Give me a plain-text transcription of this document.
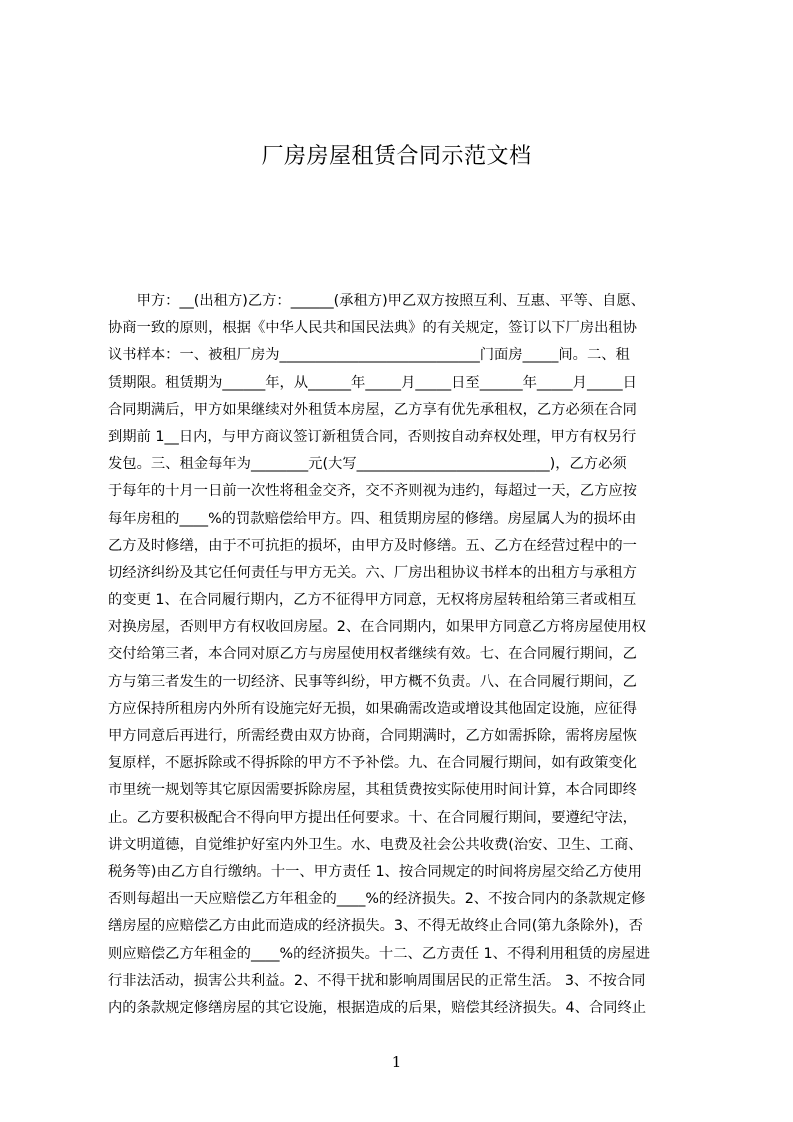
厂房房屋租赁合同示范文档
　　甲方：__(出租方)乙方：______(承租方)甲乙双方按照互利、互惠、平等、自愿、
协商一致的原则，根据《中华人民共和国民法典》的有关规定，签订以下厂房出租协
议书样本：一、被租厂房为____________________________门面房_____间。二、租
赁期限。租赁期为______年，从______年_____月_____日至______年_____月_____日
合同期满后，甲方如果继续对外租赁本房屋，乙方享有优先承租权，乙方必须在合同
到期前 1__日内，与甲方商议签订新租赁合同，否则按自动弃权处理，甲方有权另行
发包。三、租金每年为________元(大写___________________________)，乙方必须
于每年的十月一日前一次性将租金交齐，交不齐则视为违约，每超过一天，乙方应按
每年房租的____%的罚款赔偿给甲方。四、租赁期房屋的修缮。房屋属人为的损坏由
乙方及时修缮，由于不可抗拒的损坏，由甲方及时修缮。五、乙方在经营过程中的一
切经济纠纷及其它任何责任与甲方无关。六、厂房出租协议书样本的出租方与承租方
的变更 1、在合同履行期内，乙方不征得甲方同意，无权将房屋转租给第三者或相互
对换房屋，否则甲方有权收回房屋。2、在合同期内，如果甲方同意乙方将房屋使用权
交付给第三者，本合同对原乙方与房屋使用权者继续有效。七、在合同履行期间，乙
方与第三者发生的一切经济、民事等纠纷，甲方概不负责。八、在合同履行期间，乙
方应保持所租房内外所有设施完好无损，如果确需改造或增设其他固定设施，应征得
甲方同意后再进行，所需经费由双方协商，合同期满时，乙方如需拆除，需将房屋恢
复原样，不愿拆除或不得拆除的甲方不予补偿。九、在合同履行期间，如有政策变化
市里统一规划等其它原因需要拆除房屋，其租赁费按实际使用时间计算，本合同即终
止。乙方要积极配合不得向甲方提出任何要求。十、在合同履行期间，要遵纪守法，
讲文明道德，自觉维护好室内外卫生。水、电费及社会公共收费(治安、卫生、工商、
税务等)由乙方自行缴纳。十一、甲方责任 1、按合同规定的时间将房屋交给乙方使用
否则每超出一天应赔偿乙方年租金的____%的经济损失。2、不按合同内的条款规定修
缮房屋的应赔偿乙方由此而造成的经济损失。3、不得无故终止合同(第九条除外)，否
则应赔偿乙方年租金的____%的经济损失。十二、乙方责任 1、不得利用租赁的房屋进
行非法活动，损害公共利益。2、不得干扰和影响周围居民的正常生活。 3、不按合同
内的条款规定修缮房屋的其它设施，根据造成的后果，赔偿其经济损失。4、合同终止
1
